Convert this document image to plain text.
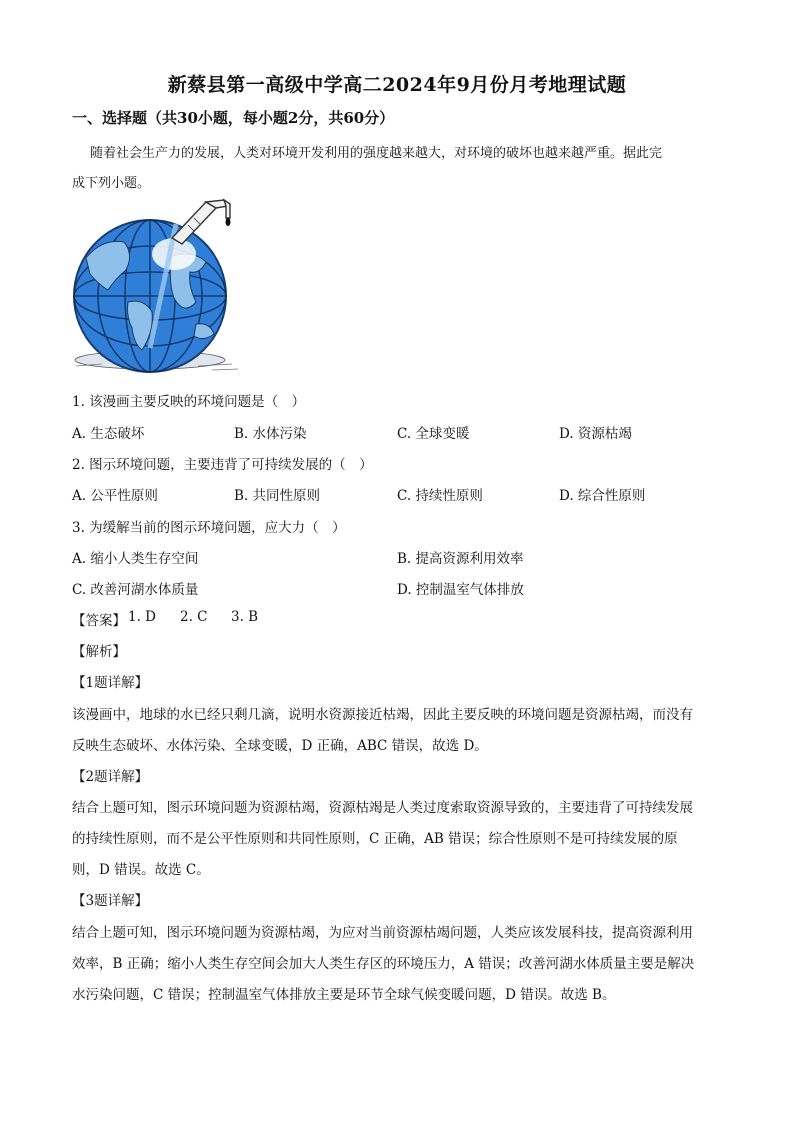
新蔡县第一高级中学高二2024年9月份月考地理试题
一、选择题（共30小题，每小题2分，共60分）
随着社会生产力的发展，人类对环境开发利用的强度越来越大，对环境的破坏也越来越严重。据此完
成下列小题。
1. 该漫画主要反映的环境问题是（　）
A. 生态破坏	B. 水体污染	C. 全球变暖	D. 资源枯竭
2. 图示环境问题，主要违背了可持续发展的（　）
A. 公平性原则	B. 共同性原则	C. 持续性原则	D. 综合性原则
3. 为缓解当前的图示环境问题，应大力（　）
A. 缩小人类生存空间	B. 提高资源利用效率
C. 改善河湖水体质量	D. 控制温室气体排放
【答案】 1. D 2. C 3. B
【解析】
【1题详解】
该漫画中，地球的水已经只剩几滴，说明水资源接近枯竭，因此主要反映的环境问题是资源枯竭，而没有
反映生态破坏、水体污染、全球变暖，D 正确，ABC 错误，故选 D。
【2题详解】
结合上题可知，图示环境问题为资源枯竭，资源枯竭是人类过度索取资源导致的，主要违背了可持续发展
的持续性原则，而不是公平性原则和共同性原则，C 正确，AB 错误；综合性原则不是可持续发展的原
则，D 错误。故选 C。
【3题详解】
结合上题可知，图示环境问题为资源枯竭，为应对当前资源枯竭问题，人类应该发展科技，提高资源利用
效率，B 正确；缩小人类生存空间会加大人类生存区的环境压力，A 错误；改善河湖水体质量主要是解决
水污染问题，C 错误；控制温室气体排放主要是环节全球气候变暖问题，D 错误。故选 B。
